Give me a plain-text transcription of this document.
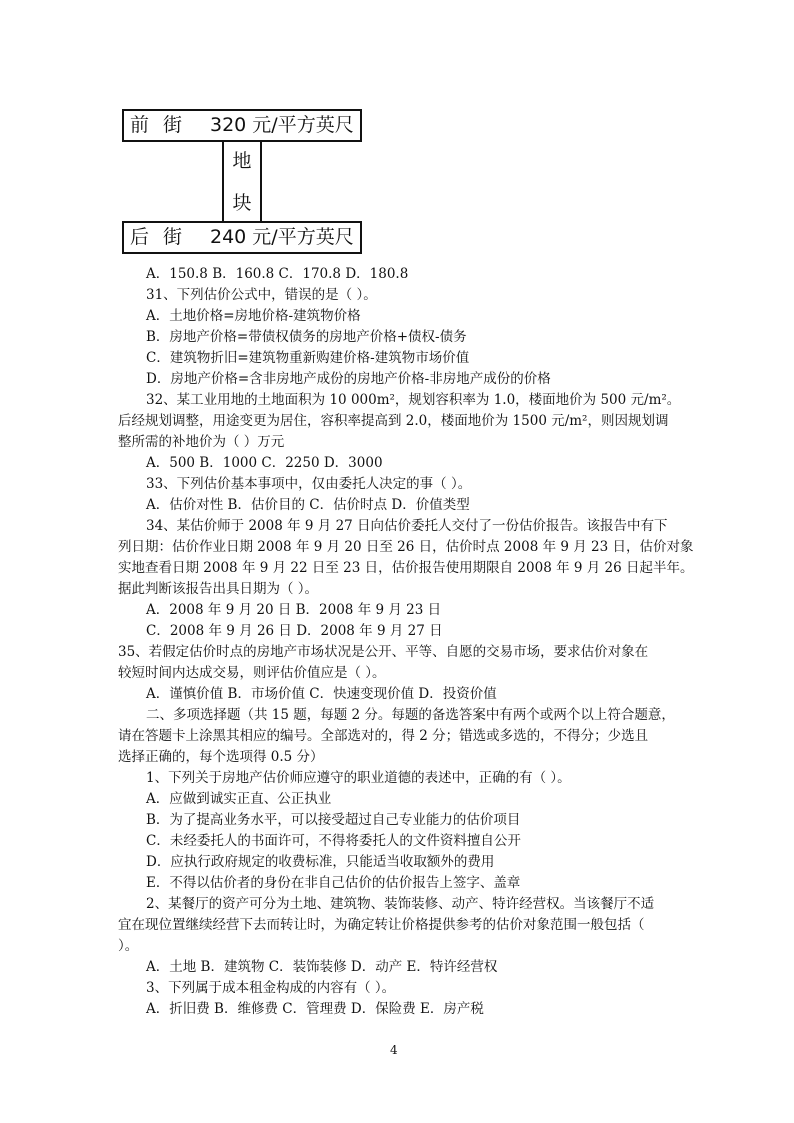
前 街 320 元/平方英尺
地
块
后 街 240 元/平方英尺
A．150.8 B．160.8 C．170.8 D．180.8
31、下列估价公式中，错误的是（ ）。
A．土地价格=房地价格-建筑物价格
B．房地产价格=带债权债务的房地产价格+债权-债务
C．建筑物折旧=建筑物重新购建价格-建筑物市场价值
D．房地产价格=含非房地产成份的房地产价格-非房地产成份的价格
32、某工业用地的土地面积为 10 000m²，规划容积率为 1.0，楼面地价为 500 元/m²。
后经规划调整，用途变更为居住，容积率提高到 2.0，楼面地价为 1500 元/m²，则因规划调
整所需的补地价为（ ）万元
A．500 B．1000 C．2250 D．3000
33、下列估价基本事项中，仅由委托人决定的事（ ）。
A．估价对性 B．估价目的 C．估价时点 D．价值类型
34、某估价师于 2008 年 9 月 27 日向估价委托人交付了一份估价报告。该报告中有下
列日期：估价作业日期 2008 年 9 月 20 日至 26 日，估价时点 2008 年 9 月 23 日，估价对象
实地查看日期 2008 年 9 月 22 日至 23 日，估价报告使用期限自 2008 年 9 月 26 日起半年。
据此判断该报告出具日期为（ ）。
A．2008 年 9 月 20 日 B．2008 年 9 月 23 日
C．2008 年 9 月 26 日 D．2008 年 9 月 27 日
35、若假定估价时点的房地产市场状况是公开、平等、自愿的交易市场，要求估价对象在
较短时间内达成交易，则评估价值应是（ ）。
A．谨慎价值 B．市场价值 C．快速变现价值 D．投资价值
二、多项选择题（共 15 题，每题 2 分。每题的备选答案中有两个或两个以上符合题意，
请在答题卡上涂黑其相应的编号。全部选对的，得 2 分；错选或多选的，不得分；少选且
选择正确的，每个选项得 0.5 分）
1、下列关于房地产估价师应遵守的职业道德的表述中，正确的有（ ）。
A．应做到诚实正直、公正执业
B．为了提高业务水平，可以接受超过自己专业能力的估价项目
C．未经委托人的书面许可，不得将委托人的文件资料擅自公开
D．应执行政府规定的收费标准，只能适当收取额外的费用
E．不得以估价者的身份在非自己估价的估价报告上签字、盖章
2、某餐厅的资产可分为土地、建筑物、装饰装修、动产、特许经营权。当该餐厅不适
宜在现位置继续经营下去而转让时，为确定转让价格提供参考的估价对象范围一般包括（
）。
A．土地 B．建筑物 C．装饰装修 D．动产 E．特许经营权
3、下列属于成本租金构成的内容有（ ）。
A．折旧费 B．维修费 C．管理费 D．保险费 E．房产税
4
